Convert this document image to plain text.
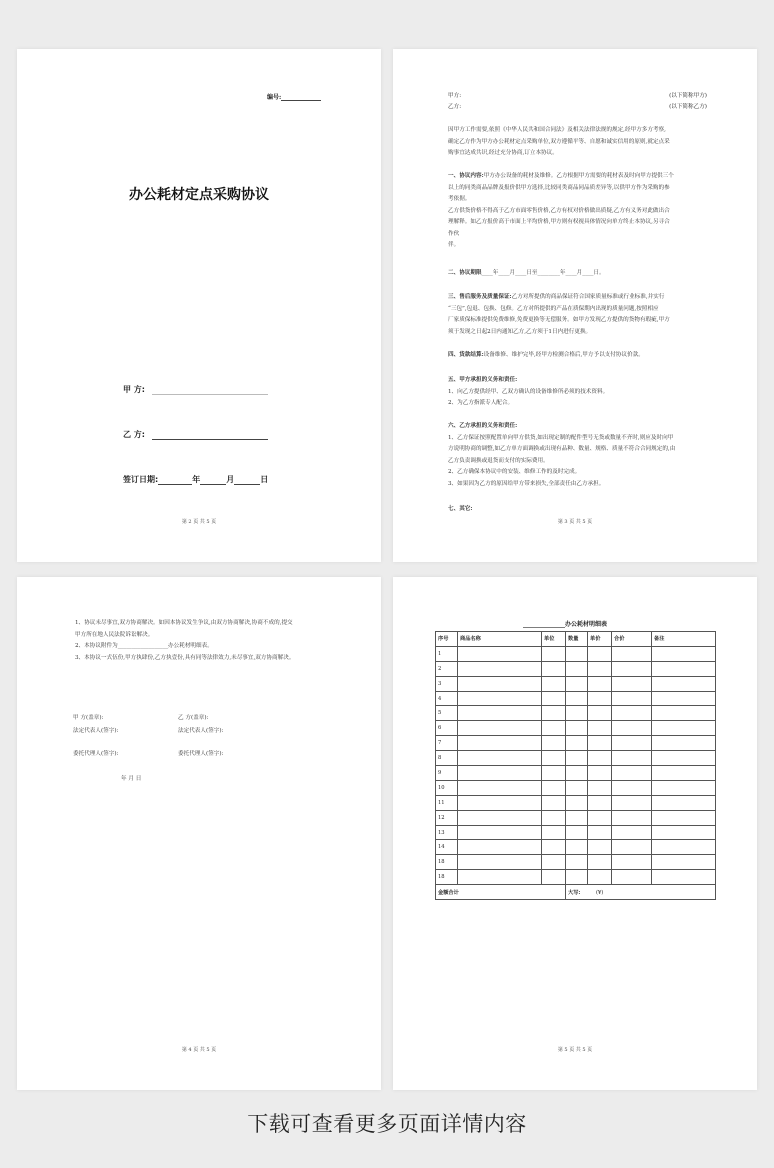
编号:
办公耗材定点采购协议
甲 方:
乙 方:
签订日期:	年	月	日
第 2 页 共 5 页
甲方:	(以下简称甲方)
乙方:	(以下简称乙方)
因甲方工作需要,依照《中华人民共和国合同法》及相关法律法规的规定,经甲方多方考察,
确定乙方作为甲方办公耗材定点采购单位,双方遵循平等、自愿和诚实信用的原则,就定点采
购事宜达成共识,经过充分协商,订立本协议。
一、协议内容:甲方办公设备的耗材及维修。乙方根据甲方需要的耗材表及时向甲方提供三个
以上的同类商品品牌及报价供甲方选择,比较同类商品同品质差异等,以供甲方作为采购的参
考依据。
乙方供货价格不得高于乙方市面零售价格,乙方有权对价格做出质疑,乙方有义务对此做出合
理解释。如乙方报价高于市面上平均价格,甲方则有权视具体情况向单方终止本协议,另寻合
作伙
伴。
二、协议期限____年____月____日至________年____月____日。
三、售后服务及质量保证:乙方对所提供的商品保证符合国家质量标准或行业标准,并实行
“三包”,包退、包换、包修。乙方对所提供的产品在质保期内出现的质量问题,按照相应
厂家质保标准提供免费维修,免费更换等无偿服务。如甲方发现乙方提供的货物有瑕疵,甲方
须于发现之日起2日内通知乙方,乙方须于1日内进行更换。
四、货款结算:设备维修、维护完毕,经甲方检测合格后,甲方予以支付协议价款。
五、甲方承担的义务和责任:
1、向乙方提供经甲、乙双方确认的设备维修所必须的技术资料。
2、为乙方指派专人配合。
六、乙方承担的义务和责任:
1、乙方保证按照配置单向甲方供货,如出现定制的配件型号无货或数量不齐时,则应及时向甲
方说明协商的调整,如乙方单方面调换或出现有品种、数量、规格、质量不符合合同规定的,由
乙方负责调换或退货而支付的实际费用。
2、乙方确保本协议中的安装、维修工作的及时完成。
3、如果因为乙方的原因给甲方带来损失,全部责任由乙方承担。
七、其它:
第 3 页 共 5 页
1、协议未尽事宜,双方协商解决。如因本协议发生争议,由双方协商解决,协商不成的,提交
甲方所在地人民法院诉讼解决。
2、本协议附件为__________________办公耗材明细表。
3、本协议一式伍份,甲方执肆份,乙方执壹份,具有同等法律效力,未尽事宜,双方协商解决。
甲 方(盖章):	乙 方(盖章):
法定代表人(签字):	法定代表人(签字):
委托代理人(签字):	委托代理人(签字):
年 月 日
第 4 页 共 5 页
______________办公耗材明细表
序号	商品名称	单位	数量	单价	合价	备注
1						
2						
3						
4						
5						
6						
7						
8						
9						
10						
11						
12						
13						
14						
18						
18						
金额合计			大写: (¥)			
第 5 页 共 5 页
下载可查看更多页面详情内容
